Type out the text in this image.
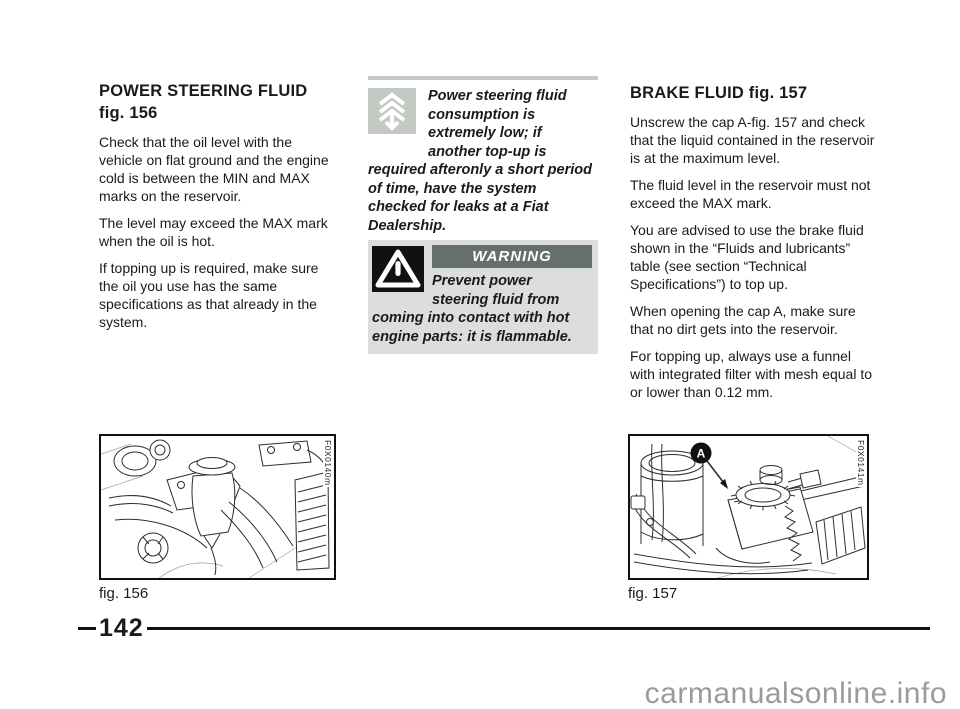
POWER STEERING FLUID
fig. 156

Check that the oil level with the vehicle on flat ground and the engine cold is between the MIN and MAX marks on the reservoir.

The level may exceed the MAX mark when the oil is hot.

If topping up is required, make sure the oil you use has the same specifications as that already in the system.

Power steering fluid consumption is extremely low; if another top-up is required afteronly a short period of time, have the system checked for leaks at a Fiat Dealership.

WARNING

Prevent power steering fluid from coming into contact with hot engine parts: it is flammable.

BRAKE FLUID fig. 157

Unscrew the cap A-fig. 157 and check that the liquid contained in the reservoir is at the maximum level.

The fluid level in the reservoir must not exceed the MAX mark.

You are advised to use the brake fluid shown in the “Fluids and lubricants” table (see section “Technical Specifications”) to top up.

When opening the cap A, make sure that no dirt gets into the reservoir.

For topping up, always use a funnel with integrated filter with mesh equal to or lower than 0.12 mm.

F0X0140m
fig. 156
A	F0X0141m
fig. 157
142
carmanualsonline.info
